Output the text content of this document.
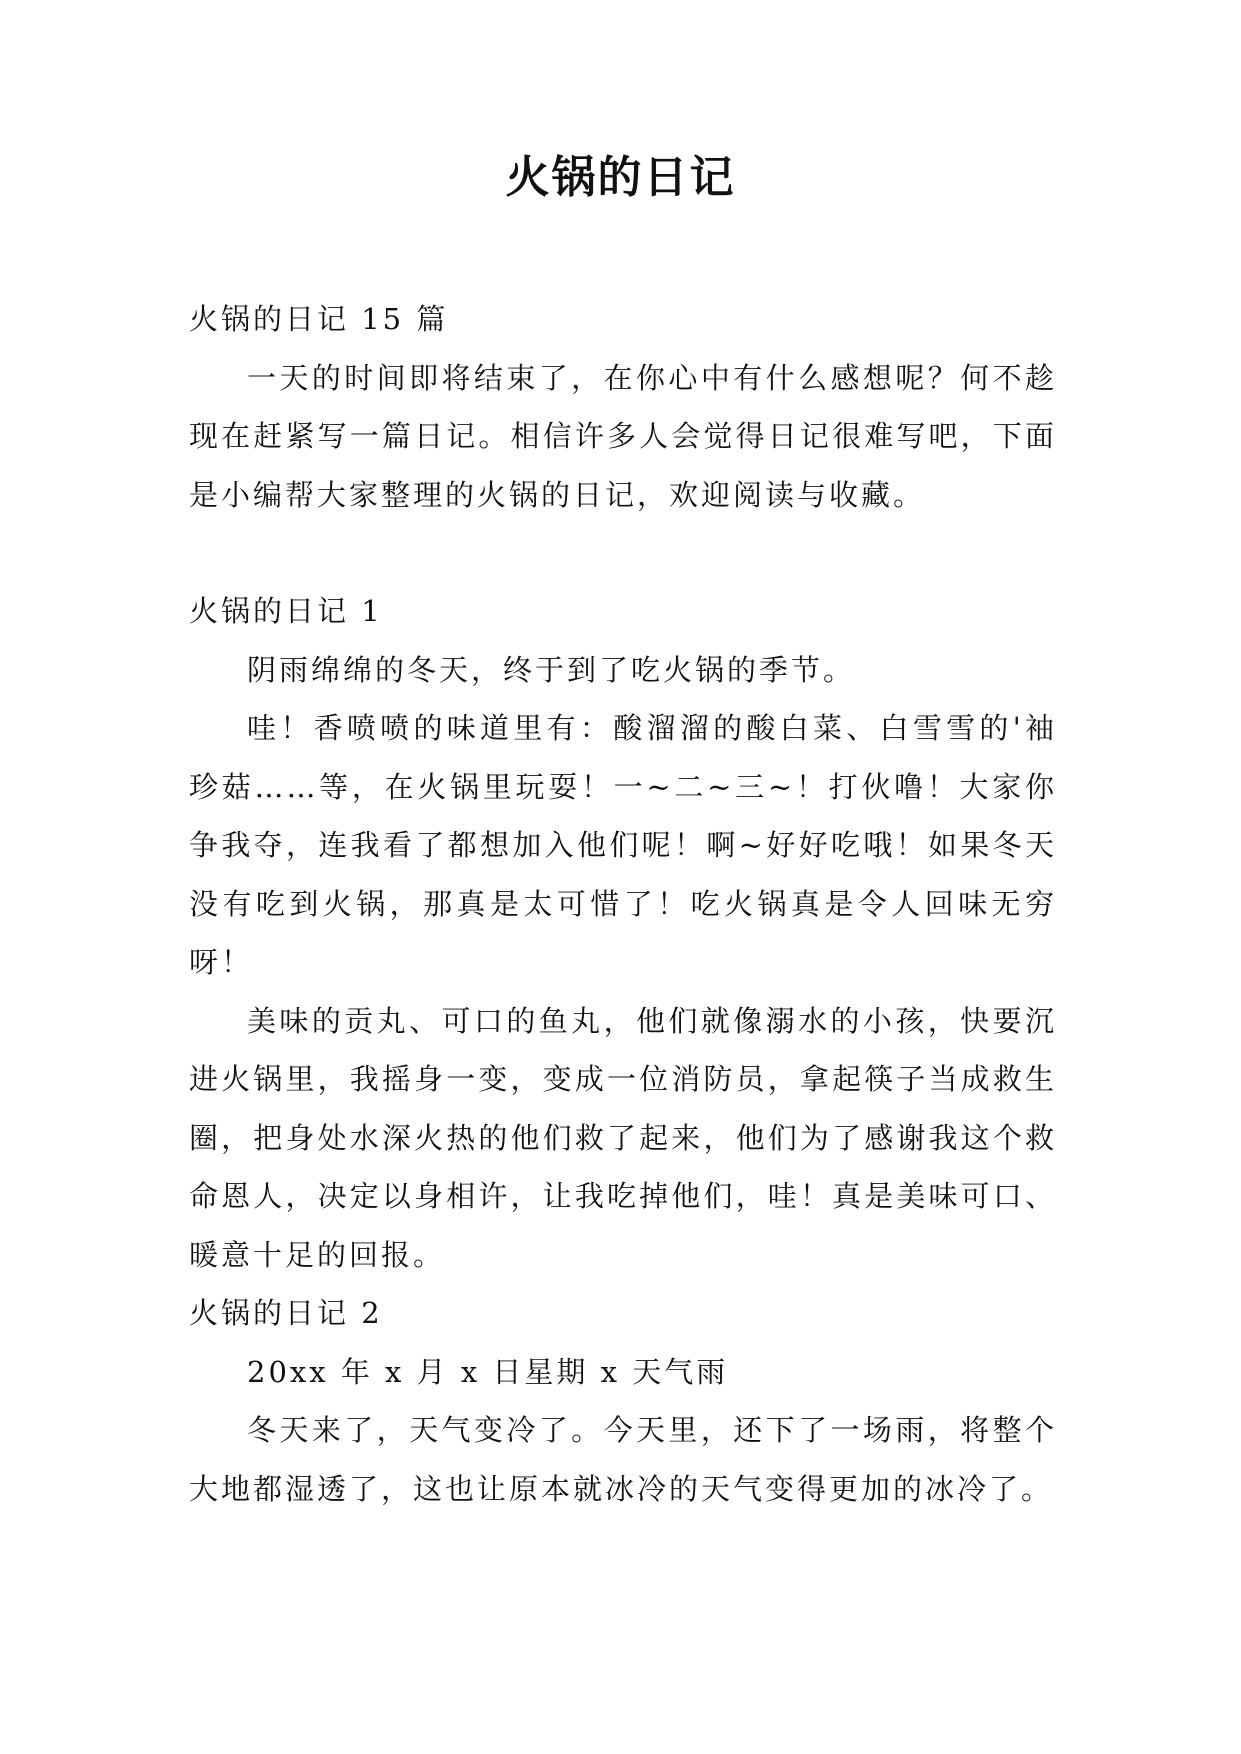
火锅的日记

火锅的日记 15 篇

一天的时间即将结束了，在你心中有什么感想呢？何不趁现在赶紧写一篇日记。相信许多人会觉得日记很难写吧，下面是小编帮大家整理的火锅的日记，欢迎阅读与收藏。

火锅的日记 1

阴雨绵绵的冬天，终于到了吃火锅的季节。

哇！香喷喷的味道里有：酸溜溜的酸白菜、白雪雪的'袖珍菇……等，在火锅里玩耍！一~二~三~！打伙噜！大家你争我夺，连我看了都想加入他们呢！啊~好好吃哦！如果冬天没有吃到火锅，那真是太可惜了！吃火锅真是令人回味无穷呀！

美味的贡丸、可口的鱼丸，他们就像溺水的小孩，快要沉进火锅里，我摇身一变，变成一位消防员，拿起筷子当成救生圈，把身处水深火热的他们救了起来，他们为了感谢我这个救命恩人，决定以身相许，让我吃掉他们，哇！真是美味可口、暖意十足的回报。

火锅的日记 2

20xx 年 x 月 x 日星期 x 天气雨

冬天来了，天气变冷了。今天里，还下了一场雨，将整个大地都湿透了，这也让原本就冰冷的天气变得更加的冰冷了。
